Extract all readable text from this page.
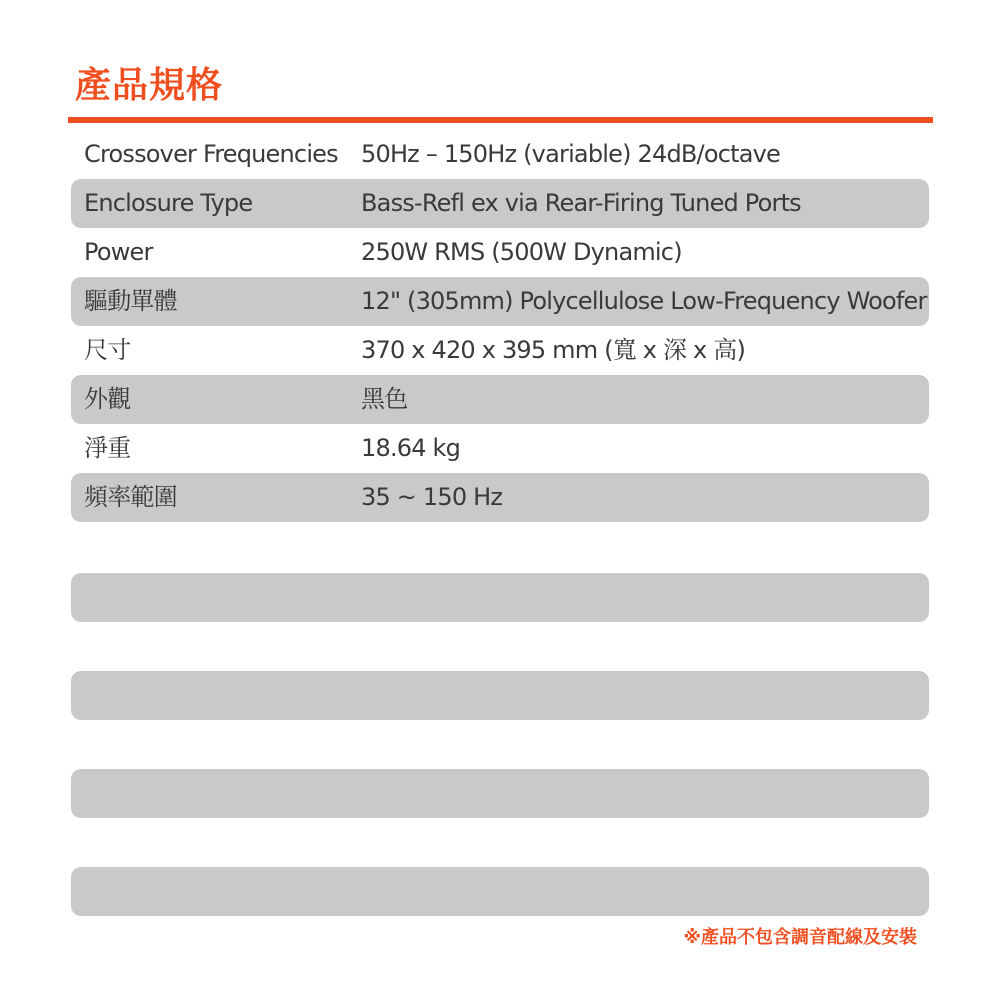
產品規格
Crossover Frequencies 50Hz – 150Hz (variable) 24dB/octave
Enclosure Type	Bass-Refl ex via Rear-Firing Tuned Ports
Power	250W RMS (500W Dynamic)
驅動單體	12" (305mm) Polycellulose Low-Frequency Woofer
尺寸	370 x 420 x 395 mm (寬 x 深 x 高)
外觀	黑色
淨重	18.64 kg
頻率範圍	35 ~ 150 Hz
※產品不包含調音配線及安裝
